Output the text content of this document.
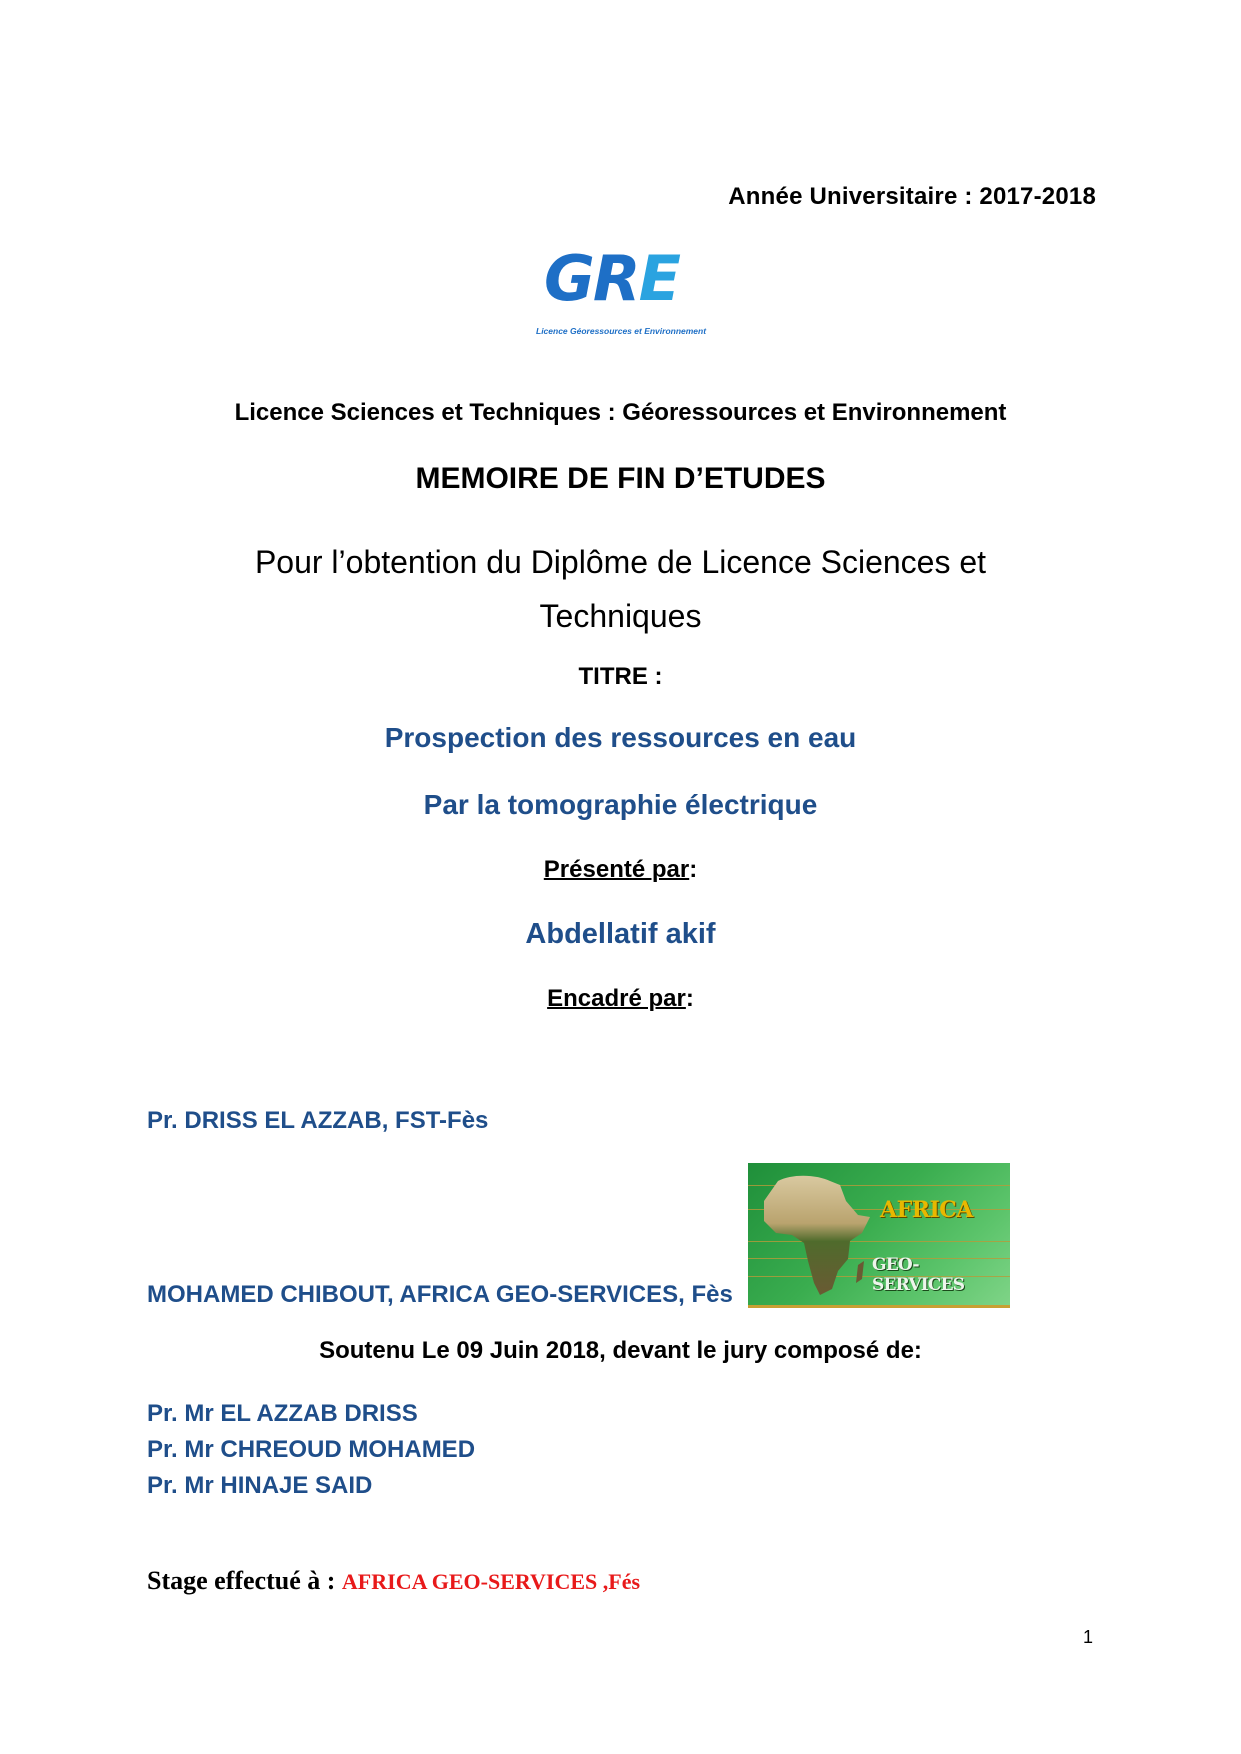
Année Universitaire : 2017-2018
GRE
Licence Géoressources et Environnement
Licence Sciences et Techniques : Géoressources et Environnement
MEMOIRE DE FIN D’ETUDES
Pour l’obtention du Diplôme de Licence Sciences et
Techniques
TITRE :
Prospection des ressources en eau
Par la tomographie électrique
Présenté par:
Abdellatif akif
Encadré par:
Pr. DRISS EL AZZAB, FST-Fès
AFRICA
GEO-SERVICES
MOHAMED CHIBOUT, AFRICA GEO-SERVICES, Fès
Soutenu Le 09 Juin 2018, devant le jury composé de:
Pr. Mr EL AZZAB DRISS
Pr. Mr CHREOUD MOHAMED
Pr. Mr HINAJE SAID
Stage effectué à : AFRICA GEO-SERVICES ,Fés
1
